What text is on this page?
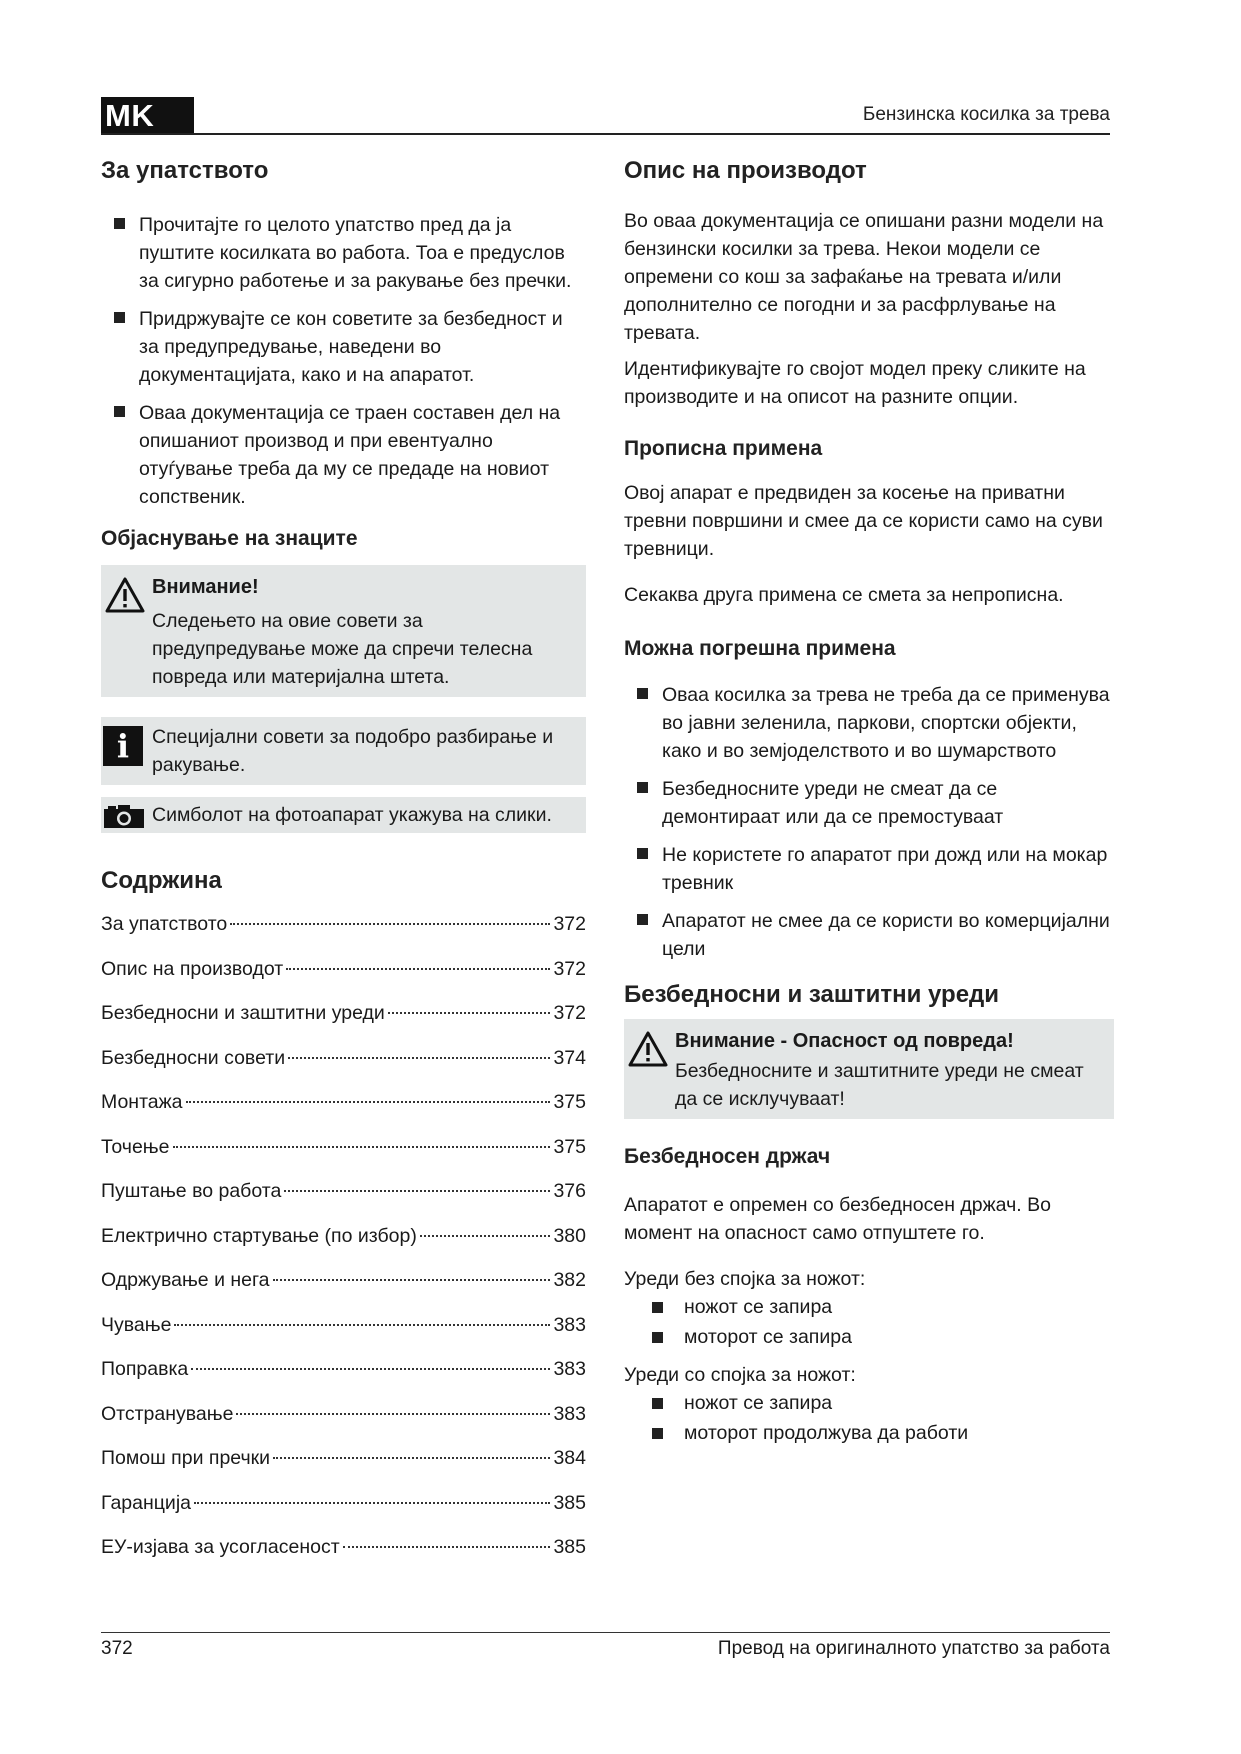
MK	Бензинска косилка за трева
За упатството
Прочитајте го целото упатство пред да ја пуштите косилката во работа. Тоа е предуслов за сигурно работење и за ракување без пречки.
Придржувајте се кон советите за безбедност и за предупредување, наведени во документацијата, како и на апаратот.
Оваа документација се траен составен дел на опишаниот производ и при евентуално отуѓување треба да му се предаде на новиот сопственик.
Објаснување на знаците
Внимание!

Следењето на овие совети за предупредување може да спречи телесна повреда или материјална штета.

i	Специјални совети за подобро разбирање и ракување.

Симболот на фотоапарат укажува на слики.

Содржина
За упатството	372
Опис на производот	372
Безбедносни и заштитни уреди	372
Безбедносни совети	374
Монтажа	375
Точење	375
Пуштање во работа	376
Електрично стартување (по избор)	380
Одржување и нега	382
Чување	383
Поправка	383
Отстранување	383
Помош при пречки	384
Гаранција	385
ЕУ-изјава за усогласеност	385
Опис на производот

Во оваа документација се опишани разни модели на бензински косилки за трева. Некои модели се опремени со кош за зафаќање на тревата и/или дополнително се погодни и за расфрлување на тревата.

Идентификувајте го својот модел преку сликите на производите и на описот на разните опции.

Прописна примена

Овој апарат е предвиден за косење на приватни тревни површини и смее да се користи само на суви тревници.

Секаква друга примена се смета за непрописна.

Можна погрешна примена
Оваа косилка за трева не треба да се применува во јавни зеленила, паркови, спортски објекти, како и во земјоделството и во шумарството
Безбедносните уреди не смеат да се демонтираат или да се премостуваат
Не користете го апаратот при дожд или на мокар тревник
Апаратот не смее да се користи во комерцијални цели
Безбедносни и заштитни уреди
Внимание - Опасност од повреда!

Безбедносните и заштитните уреди не смеат да се исклучуваат!

Безбедносен држач

Апаратот е опремен со безбедносен држач. Во момент на опасност само отпуштете го.

Уреди без спојка за ножот:

ножот се запира
моторот се запира

Уреди со спојка за ножот:

ножот се запира
моторот продолжува да работи
372	Превод на оригиналното упатство за работа
